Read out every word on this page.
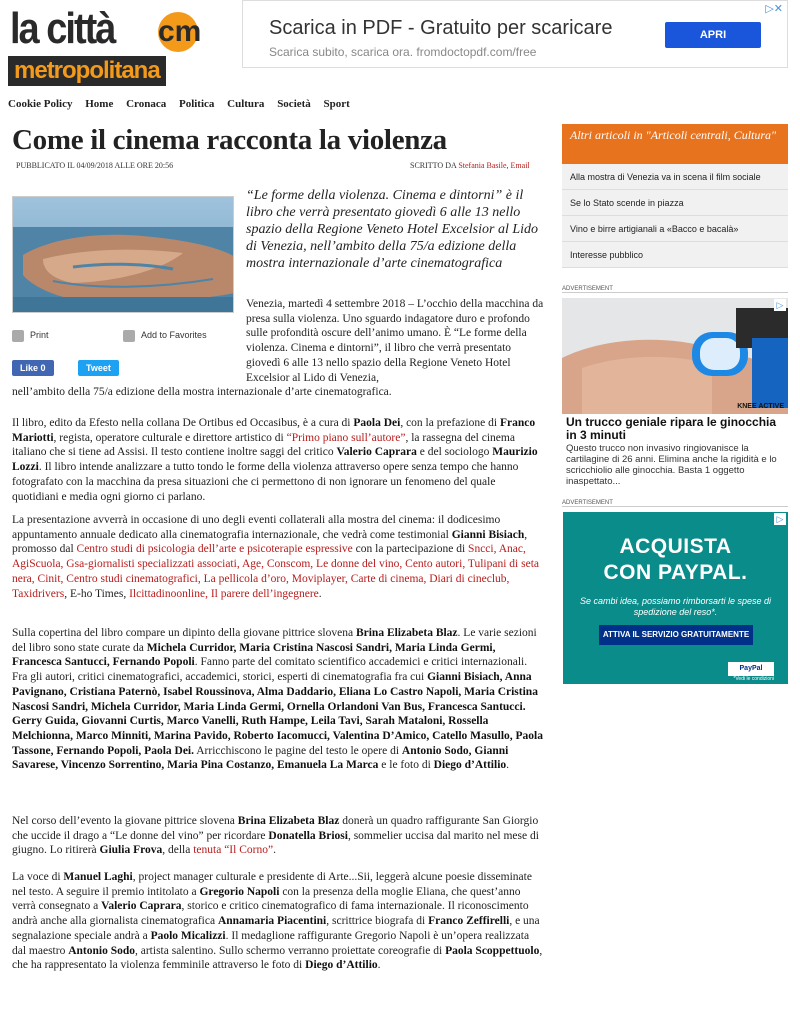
la città cm
metropolitana
▷✕
Scarica in PDF - Gratuito per scaricare
Scarica subito, scarica ora. fromdoctopdf.com/free
APRI
Cookie Policy Home Cronaca Politica Cultura Società Sport
Come il cinema racconta la violenza
PUBBLICATO IL 04/09/2018 ALLE ORE 20:56	SCRITTO DA Stefania Basile, Email
Print	Add to Favorites
Like 0	Tweet
“Le forme della violenza. Cinema e dintorni” è il libro che verrà presentato giovedì 6 alle 13 nello spazio della Regione Veneto Hotel Excelsior al Lido di Venezia, nell’ambito della 75/a edizione della mostra internazionale d’arte cinematografica
Venezia, martedì 4 settembre 2018 – L’occhio della macchina da presa sulla violenza. Uno sguardo indagatore duro e profondo sulle profondità oscure dell’animo umano. È “Le forme della violenza. Cinema e dintorni”, il libro che verrà presentato giovedì 6 alle 13 nello spazio della Regione Veneto Hotel Excelsior al Lido di Venezia,
nell’ambito della 75/a edizione della mostra internazionale d’arte cinematografica.
Il libro, edito da Efesto nella collana De Ortibus ed Occasibus, è a cura di Paola Dei, con la prefazione di Franco Mariotti, regista, operatore culturale e direttore artistico di “Primo piano sull’autore”, la rassegna del cinema italiano che si tiene ad Assisi. Il testo contiene inoltre saggi del critico Valerio Caprara e del sociologo Maurizio Lozzi. Il libro intende analizzare a tutto tondo le forme della violenza attraverso opere senza tempo che hanno fotografato con la macchina da presa situazioni che ci permettono di non ignorare un fenomeno del quale quotidiani e media ogni giorno ci parlano.
La presentazione avverrà in occasione di uno degli eventi collaterali alla mostra del cinema: il dodicesimo appuntamento annuale dedicato alla cinematografia internazionale, che vedrà come testimonial Gianni Bisiach, promosso dal Centro studi di psicologia dell’arte e psicoterapie espressive con la partecipazione di Sncci, Anac, AgiScuola, Gsa-giornalisti specializzati associati, Age, Conscom, Le donne del vino, Cento autori, Tulipani di seta nera, Cinit, Centro studi cinematografici, La pellicola d’oro, Moviplayer, Carte di cinema, Diari di cineclub, Taxidrivers, E-ho Times, Ilcittadinoonline, Il parere dell’ingegnere.
Sulla copertina del libro compare un dipinto della giovane pittrice slovena Brina Elizabeta Blaz. Le varie sezioni del libro sono state curate da Michela Curridor, Maria Cristina Nascosi Sandri, Maria Linda Germi, Francesca Santucci, Fernando Popoli. Fanno parte del comitato scientifico accademici e critici internazionali. Fra gli autori, critici cinematografici, accademici, storici, esperti di cinematografia fra cui Gianni Bisiach, Anna Pavignano, Cristiana Paternò, Isabel Roussinova, Alma Daddario, Eliana Lo Castro Napoli, Maria Cristina Nascosi Sandri, Michela Curridor, Maria Linda Germi, Ornella Orlandoni Van Bus, Francesca Santucci. Gerry Guida, Giovanni Curtis, Marco Vanelli, Ruth Hampe, Leila Tavi, Sarah Mataloni, Rossella Melchionna, Marco Minniti, Marina Pavido, Roberto Iacomucci, Valentina D’Amico, Catello Masullo, Paola Tassone, Fernando Popoli, Paola Dei. Arricchiscono le pagine del testo le opere di Antonio Sodo, Gianni Savarese, Vincenzo Sorrentino, Maria Pina Costanzo, Emanuela La Marca e le foto di Diego d’Attilio.
Nel corso dell’evento la giovane pittrice slovena Brina Elizabeta Blaz donerà un quadro raffigurante San Giorgio che uccide il drago a “Le donne del vino” per ricordare Donatella Briosi, sommelier uccisa dal marito nel mese di giugno. Lo ritirerà Giulia Frova, della tenuta “Il Corno”.
La voce di Manuel Laghi, project manager culturale e presidente di Arte...Sii, leggerà alcune poesie disseminate nel testo. A seguire il premio intitolato a Gregorio Napoli con la presenza della moglie Eliana, che quest’anno verrà consegnato a Valerio Caprara, storico e critico cinematografico di fama internazionale. Il riconoscimento andrà anche alla giornalista cinematografica Annamaria Piacentini, scrittrice biografa di Franco Zeffirelli, e una segnalazione speciale andrà a Paolo Micalizzi. Il medaglione raffigurante Gregorio Napoli è un’opera realizzata dal maestro Antonio Sodo, artista salentino. Sullo schermo verranno proiettate coreografie di Paola Scoppettuolo, che ha rappresentato la violenza femminile attraverso le foto di Diego d’Attilio.
Altri articoli in "Articoli centrali, Cultura"
Alla mostra di Venezia va in scena il film sociale
Se lo Stato scende in piazza
Vino e birre artigianali a «Bacco e bacalà»
Interesse pubblico
ADVERTISEMENT
▷
KNEE ACTIVE
Un trucco geniale ripara le ginocchia in 3 minuti
Questo trucco non invasivo ringiovanisce la cartilagine di 26 anni. Elimina anche la rigidità e lo scricchiolio alle ginocchia. Basta 1 oggetto inaspettato...
ADVERTISEMENT
▷
ACQUISTA
CON PAYPAL.
Se cambi idea, possiamo rimborsarti le spese di spedizione del reso*.
ATTIVA IL SERVIZIO GRATUITAMENTE
PayPal
*Vedi le condizioni
